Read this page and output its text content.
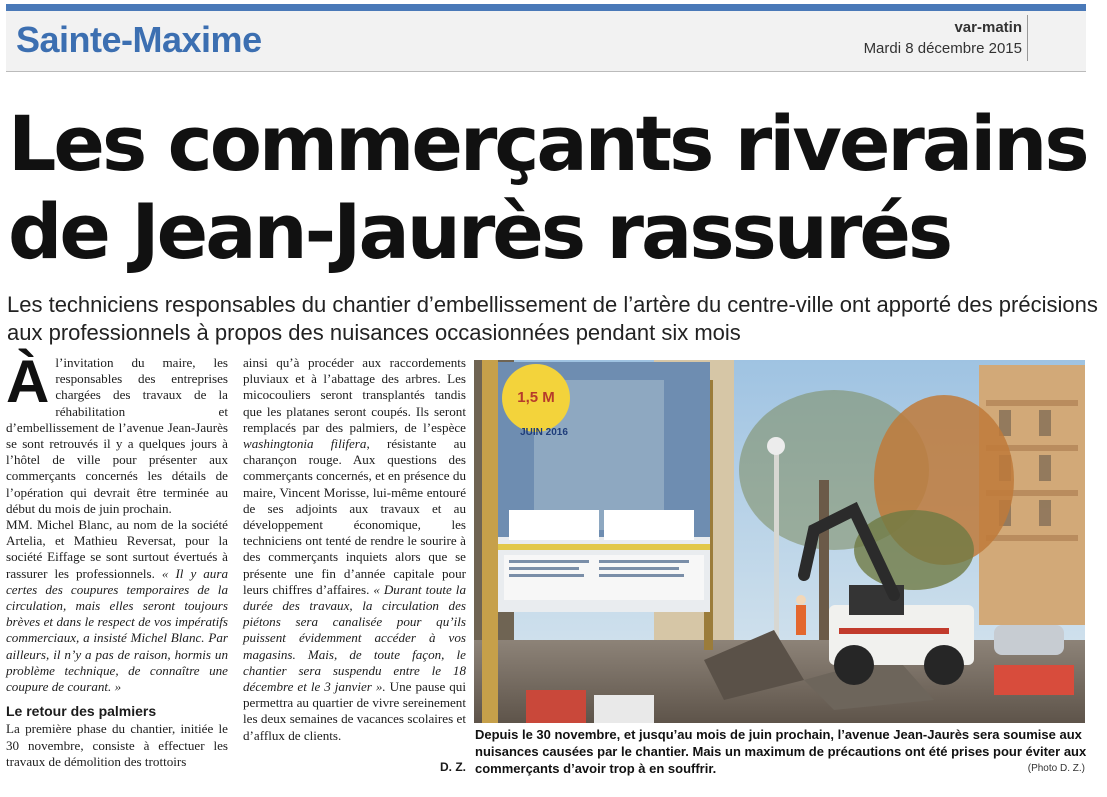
Sainte-Maxime	var-matin
Mardi 8 décembre 2015
Les commerçants riverains
de Jean-Jaurès rassurés
Les techniciens responsables du chantier d’embellissement de l’artère du centre-ville ont apporté des précisions aux professionnels à propos des nuisances occasionnées pendant six mois
À l’invitation du maire, les responsables des entreprises chargées des travaux de la réhabilitation et d’embellissement de l’avenue Jean-Jaurès se sont retrouvés il y a quelques jours à l’hôtel de ville pour présenter aux commerçants concernés les détails de l’opération qui devrait être terminée au début du mois de juin prochain.

MM. Michel Blanc, au nom de la société Artelia, et Mathieu Reversat, pour la société Eiffage se sont surtout évertués à rassurer les professionnels. « Il y aura certes des coupures temporaires de la circulation, mais elles seront toujours brèves et dans le respect de vos impératifs commerciaux, a insisté Michel Blanc. Par ailleurs, il n’y a pas de raison, hormis un problème technique, de connaître une coupure de courant. »

Le retour des palmiers

La première phase du chantier, initiée le 30 novembre, consiste à effectuer les travaux de démolition des trottoirs

ainsi qu’à procéder aux raccordements pluviaux et à l’abattage des arbres. Les micocouliers seront transplantés tandis que les platanes seront coupés. Ils seront remplacés par des palmiers, de l’espèce washingtonia filifera, résistante au charançon rouge. Aux questions des commerçants concernés, et en présence du maire, Vincent Morisse, lui-même entouré de ses adjoints aux travaux et au développement économique, les techniciens ont tenté de rendre le sourire à des commerçants inquiets alors que se présente une fin d’année capitale pour leurs chiffres d’affaires. « Durant toute la durée des travaux, la circulation des piétons sera canalisée pour qu’ils puissent évidemment accéder à vos magasins. Mais, de toute façon, le chantier sera suspendu entre le 18 décembre et le 3 janvier ». Une pause qui permettra au quartier de vivre sereinement les deux semaines de vacances scolaires et d’afflux de clients.

D. Z.
1,5 M
JUIN 2016
Depuis le 30 novembre, et jusqu’au mois de juin prochain, l’avenue Jean-Jaurès sera soumise aux nuisances causées par le chantier. Mais un maximum de précautions ont été prises pour éviter aux commerçants d’avoir trop à en souffrir.	(Photo D. Z.)
